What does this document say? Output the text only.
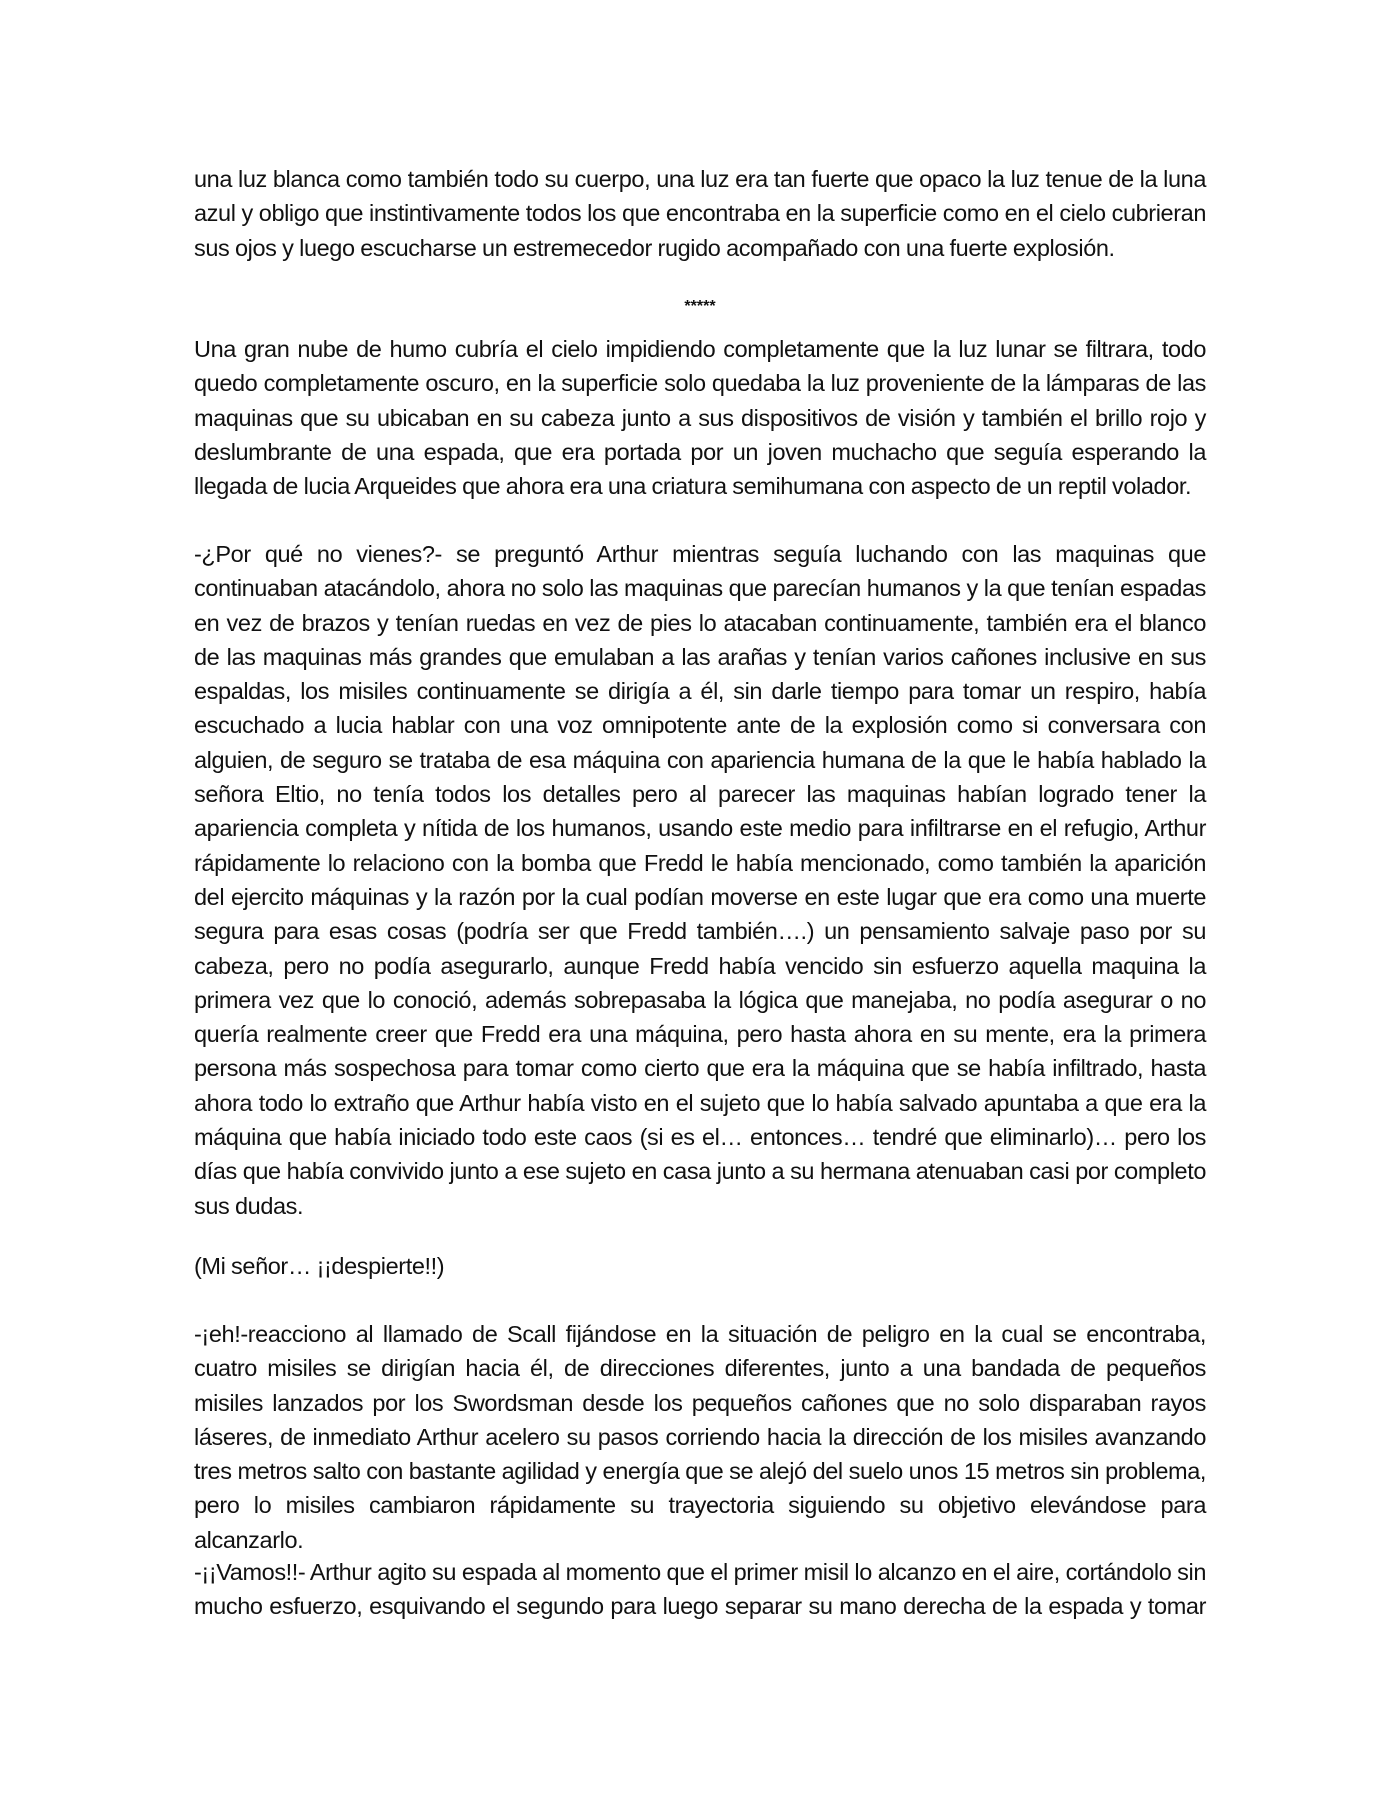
una luz blanca como también todo su cuerpo, una luz era tan fuerte que opaco la luz tenue de la luna azul y obligo que instintivamente todos los que encontraba en la superficie como en el cielo cubrieran sus ojos y luego escucharse un estremecedor rugido acompañado con una fuerte explosión.

*****

Una gran nube de humo cubría el cielo impidiendo completamente que la luz lunar se filtrara, todo quedo completamente oscuro, en la superficie solo quedaba la luz proveniente de la lámparas de las maquinas que su ubicaban en su cabeza junto a sus dispositivos de visión y también el brillo rojo y deslumbrante de una espada, que era portada por un joven muchacho que seguía esperando la llegada de lucia Arqueides que ahora era una criatura semihumana con aspecto de un reptil volador.

-¿Por qué no vienes?- se preguntó Arthur mientras seguía luchando con las maquinas que continuaban atacándolo, ahora no solo las maquinas que parecían humanos y la que tenían espadas en vez de brazos y tenían ruedas en vez de pies lo atacaban continuamente, también era el blanco de las maquinas más grandes que emulaban a las arañas y tenían varios cañones inclusive en sus espaldas, los misiles continuamente se dirigía a él, sin darle tiempo para tomar un respiro, había escuchado a lucia hablar con una voz omnipotente ante de la explosión como si conversara con alguien, de seguro se trataba de esa máquina con apariencia humana de la que le había hablado la señora Eltio, no tenía todos los detalles pero al parecer las maquinas habían logrado tener la apariencia completa y nítida de los humanos, usando este medio para infiltrarse en el refugio, Arthur rápidamente lo relaciono con la bomba que Fredd le había mencionado, como también la aparición del ejercito máquinas y la razón por la cual podían moverse en este lugar que era como una muerte segura para esas cosas (podría ser que Fredd también….) un pensamiento salvaje paso por su cabeza, pero no podía asegurarlo, aunque Fredd había vencido sin esfuerzo aquella maquina la primera vez que lo conoció, además sobrepasaba la lógica que manejaba, no podía asegurar o no quería realmente creer que Fredd era una máquina, pero hasta ahora en su mente, era la primera persona más sospechosa para tomar como cierto que era la máquina que se había infiltrado, hasta ahora todo lo extraño que Arthur había visto en el sujeto que lo había salvado apuntaba a que era la máquina que había iniciado todo este caos (si es el… entonces… tendré que eliminarlo)… pero los días que había convivido junto a ese sujeto en casa junto a su hermana atenuaban casi por completo sus dudas.

(Mi señor… ¡¡despierte!!)

-¡eh!-reacciono al llamado de Scall fijándose en la situación de peligro en la cual se encontraba, cuatro misiles se dirigían hacia él, de direcciones diferentes, junto a una bandada de pequeños misiles lanzados por los Swordsman desde los pequeños cañones que no solo disparaban rayos láseres, de inmediato Arthur acelero su pasos corriendo hacia la dirección de los misiles avanzando tres metros salto con bastante agilidad y energía que se alejó del suelo unos 15 metros sin problema, pero lo misiles cambiaron rápidamente su trayectoria siguiendo su objetivo elevándose para alcanzarlo.

-¡¡Vamos!!- Arthur agito su espada al momento que el primer misil lo alcanzo en el aire, cortándolo sin mucho esfuerzo, esquivando el segundo para luego separar su mano derecha de la espada y tomar
